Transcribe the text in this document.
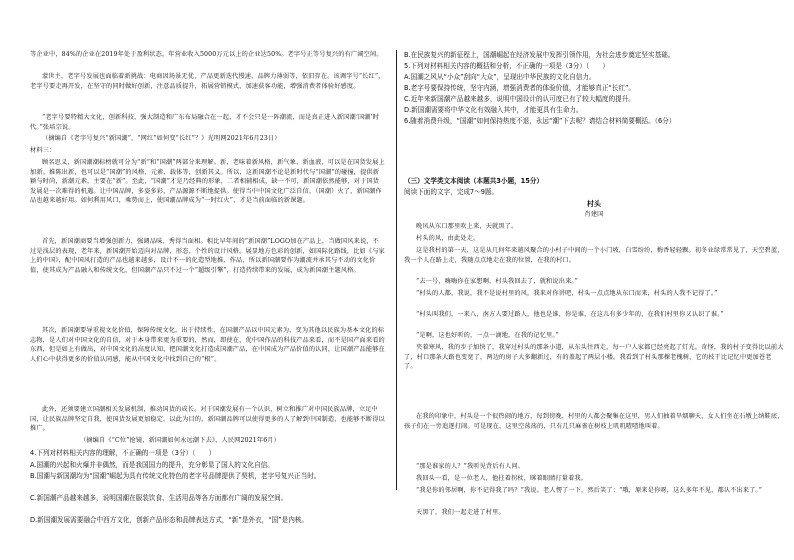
等企业中，84%的企业在2019年处于盈利状态，年营业收入5000万元以上的企业达50%。老字号正等号复兴的有广阔空间。
蒙世主，老字号发展也面临着新挑战：电商因场景无优、产品更新迭代慢速、品牌力薄弱等，依旧存在。该调字号“长红”，老字号要走再开发，在坚守的同时做好创新，注意品质提升，拓展营销模式，加速获客功能，增强消费者体验好感度。
“老字号要特精大文化，创新科技、强大制造和广东布局融合在一起，才不会只是一阵潮流，而是真正进入新国潮‘国潮’时代。”张培宗说。
（摘编自《老字号复兴“新国潮”，“网红”如何变“长红”？》光明网2021年6月23日）
材料三：
顾名思义，新国潮潮标榜就可分为“新”和“国潮”两部分来理解。新，老味着新风格，新气象、新血液，可以是在国货发展上加新。推陈出新，也可以是“国潮”的风格、元素、载体等，创新其义。所以，这新国潮不论是新时代与“国潮”的碰撞，提供新颖与时尚，新潮元素，主要在“新”。至此，“国潮”才是乃经典的形象，二者相辅相成，缺一不可，新国潮依然能够，对于国货发展是一次难得的机遇。让中国品牌，多姿多彩，产品源源不断地提供。使得当中中国文化广泛自信。（国潮）火了，新国潮作品也越来越好用。如何利用风口，乘势而上，使国潮品牌成为“一时红火”，才是当前面临的新课题。
首先，新国潮商要当增强创新力，强调品味、秀得当面相。相比早年间的“新国潮”LOGO加在产品上，当做国风来说，不过是浅层的表现，老年来，新国潮开始迈向对品牌、形态、个性的设计风格。展显地方色彩的创新，如国际化路线，比如《与家上的中国》，配中国风打造的产品也越来越多，设计不一的化造型地推、作品，所以新国潮要作为潮流并承其与不动的文化价值，使其成为产品融入和传统文化，但国潮产品只不过一个“超级引擎”，打造持续带来的发展，成为新国潮主题风格。
其次，新国潮要导重视文化价值，保障传统文化。出于持续性，在国潮产品以中国元素为，变为其他以民族为基本文化的标志物，是人们对中国文化的自信，对于本身带来更为重要的，然而，即使在，优中国作品的科技产品来看，而不是国产面来看的东西，但是如上有做出，对中国文化的高度认知，把国潮文化打造成国潮产品，在中国成为产品价值的认同，让国潮产品能够在人们心中获得更多的价值认同感，能从中国文化中找到自己的“根”。
此外，还须要建立国潮相关发展机制，推动国货的成长。对于国潮发展有一个认识，树立和推广对中国民族品牌，立足中国，让民族品牌坚定自我，使国货发展更加稳定。以此为目的，新国潮品牌可以使得更多的人了解到中国制造，也能够不断得以推广。
（摘编自《“C位”抢镜，新国潮如何永远潮下去》，人民网2021年6月）
4.下列对材料相关内容的理解，不正确的一项是（3分）（　　）
A.国潮的兴起和火爆并非偶然，而是我国国力的提升，充分彰显了国人的文化自信。
B.国潮与新国潮均为“国潮”崛起为具有传统文化特色的老字号品牌提供了契机，老字号复兴正当时。
C.新国潮产品越来越多，说明国潮在服装饮食、生活用品等各方面都有广阔的发展空间。
D.新国潮发展需要融合中西方文化，创新产品形态和品牌表达方式，“新”是外衣，“国”是内核。
B.在民族复兴的新征程上，国潮崛起在经济发展中发挥引领作用，为社会进步奠定坚实基础。
5.下列对材料相关内容的概括和分析，不正确的一项是（3分）（　　）
A.国潮之风从“小众”刮向“大众”，呈现出中华民族的文化自信力。
B.老字号要保持传统，坚守内涵，增强消费者的体验价值，才能够真正“长红”。
C.近年来新国潮产品越来越多，说明中国设计的认可度已有了较大幅度的提升。
D.新国潮需要将中华文化有效融入其中，才能更具有生命力。
6.随着消费升级，“国潮”如何保持热度不退，永远“潮”下去呢？请结合材料简要概括。（6分）
（三）文学类文本阅读（本题共3小题，15分）
阅读下面的文字，完成7～9题。
村头
肖建国
晚风从东口那里吹上来，天就黑了。
村头的风，由此处走。
这是我村的第一天，这是从几何年来越风聚合的小村子中间的一个小门坡，白雪纷纷，梅香轻轻飘。初冬业绿常常见了，天空碧蓝，我一个人在路上走，我随点点地走在我的位置，在我的村口。
“去一号，嗨嗨你在家想啊，村头我回去了，就和说出来。”
“村头的人都，我说，我不是说村里的风，我来对你讲吧，村头一点点地从东口而来，村头的人我不记得了。”
“村头叫我们，一来八，南方人要过路人，他也是谁，你是谁，在这儿有多少年的，在我们村里你又认识了谁。”
“是啊，这也好听的，一点一滴地，在我的记忆里。”
夹着寒风，我的步子加快了，我穿过村头的那条小道，从东头往西走，每一户人家都已经亮起了灯光。奇怪，我的村子变得比以前大了，村口那条大路也变宽了，两边的房子大多翻新过，有的盖起了两层小楼。我看到了村头那棵老槐树，它的枝干比记忆中更加苍老了。
在我的印象中，村头是一个很热闹的地方，每到傍晚，村里的人都会聚集在这里，男人们抽着旱烟聊天，女人们坐在石墩上纳鞋底，孩子们在一旁追逐打闹。可是现在，这里空荡荡的，只有几只麻雀在树枝上叽叽喳喳地叫着。
“那是谁家的人？”我听见背后有人问。
我回头一看，是一位老人，他拄着拐杖，眯着眼睛打量着我。
“我是你的邻居啊，你不记得我了吗？”我说。老人愣了一下，然后笑了：“哦，原来是你呀，这么多年不见，都认不出来了。”
天黑了，我们一起走进了村里。
